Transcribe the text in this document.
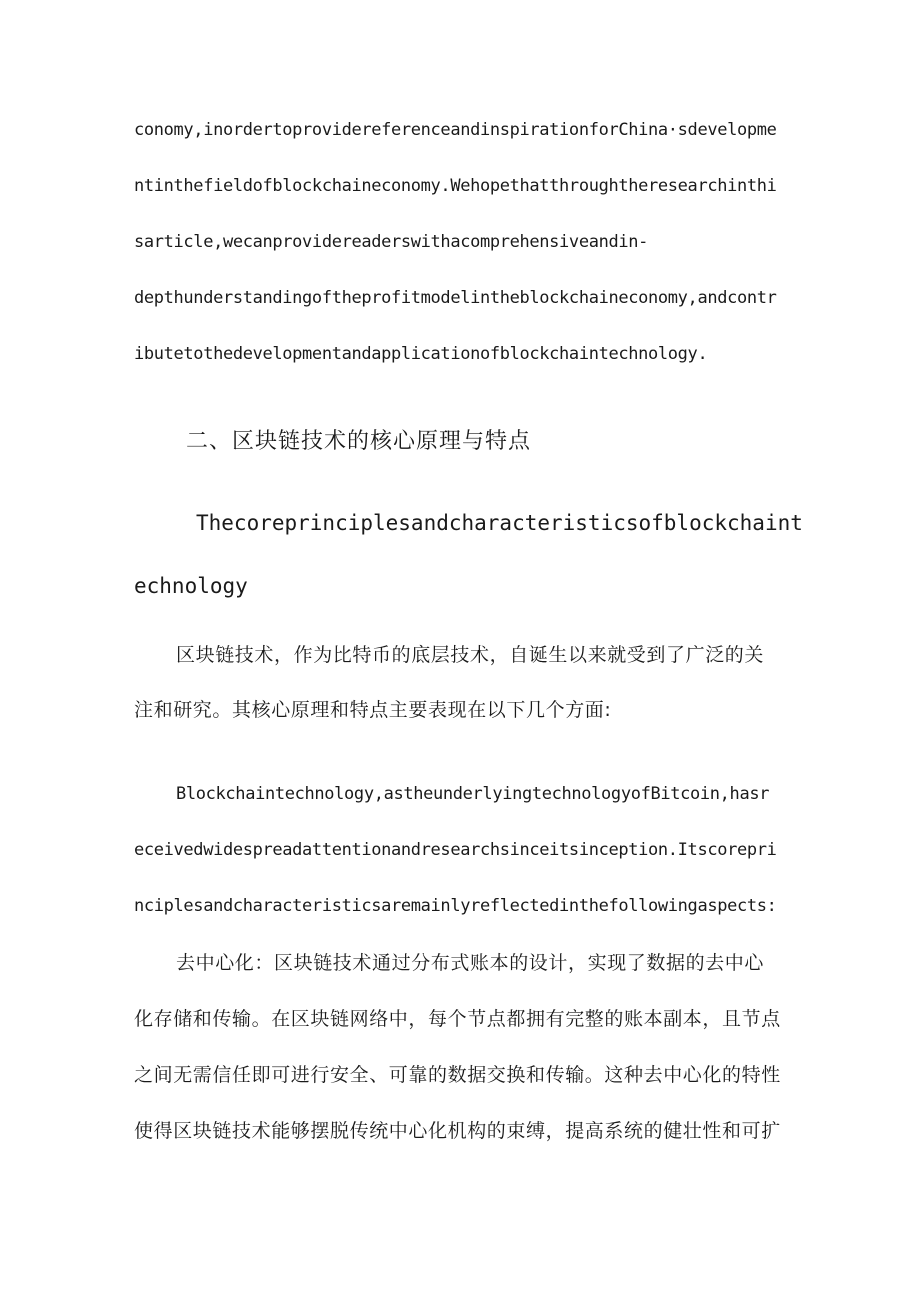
conomy,inordertoprovidereferenceandinspirationforChina·sdevelopme
ntinthefieldofblockchaineconomy.Wehopethatthroughtheresearchinthi
sarticle,wecanprovidereaderswithacomprehensiveandin-
depthunderstandingoftheprofitmodelintheblockchaineconomy,andcontr
ibutetothedevelopmentandapplicationofblockchaintechnology.
二、区块链技术的核心原理与特点
Thecoreprinciplesandcharacteristicsofblockchaint
echnology
区块链技术，作为比特币的底层技术，自诞生以来就受到了广泛的关
注和研究。其核心原理和特点主要表现在以下几个方面:
Blockchaintechnology,astheunderlyingtechnologyofBitcoin,hasr
eceivedwidespreadattentionandresearchsinceitsinception.Itscorepri
nciplesandcharacteristicsaremainlyreflectedinthefollowingaspects:
去中心化：区块链技术通过分布式账本的设计，实现了数据的去中心
化存储和传输。在区块链网络中，每个节点都拥有完整的账本副本，且节点
之间无需信任即可进行安全、可靠的数据交换和传输。这种去中心化的特性
使得区块链技术能够摆脱传统中心化机构的束缚，提高系统的健壮性和可扩
